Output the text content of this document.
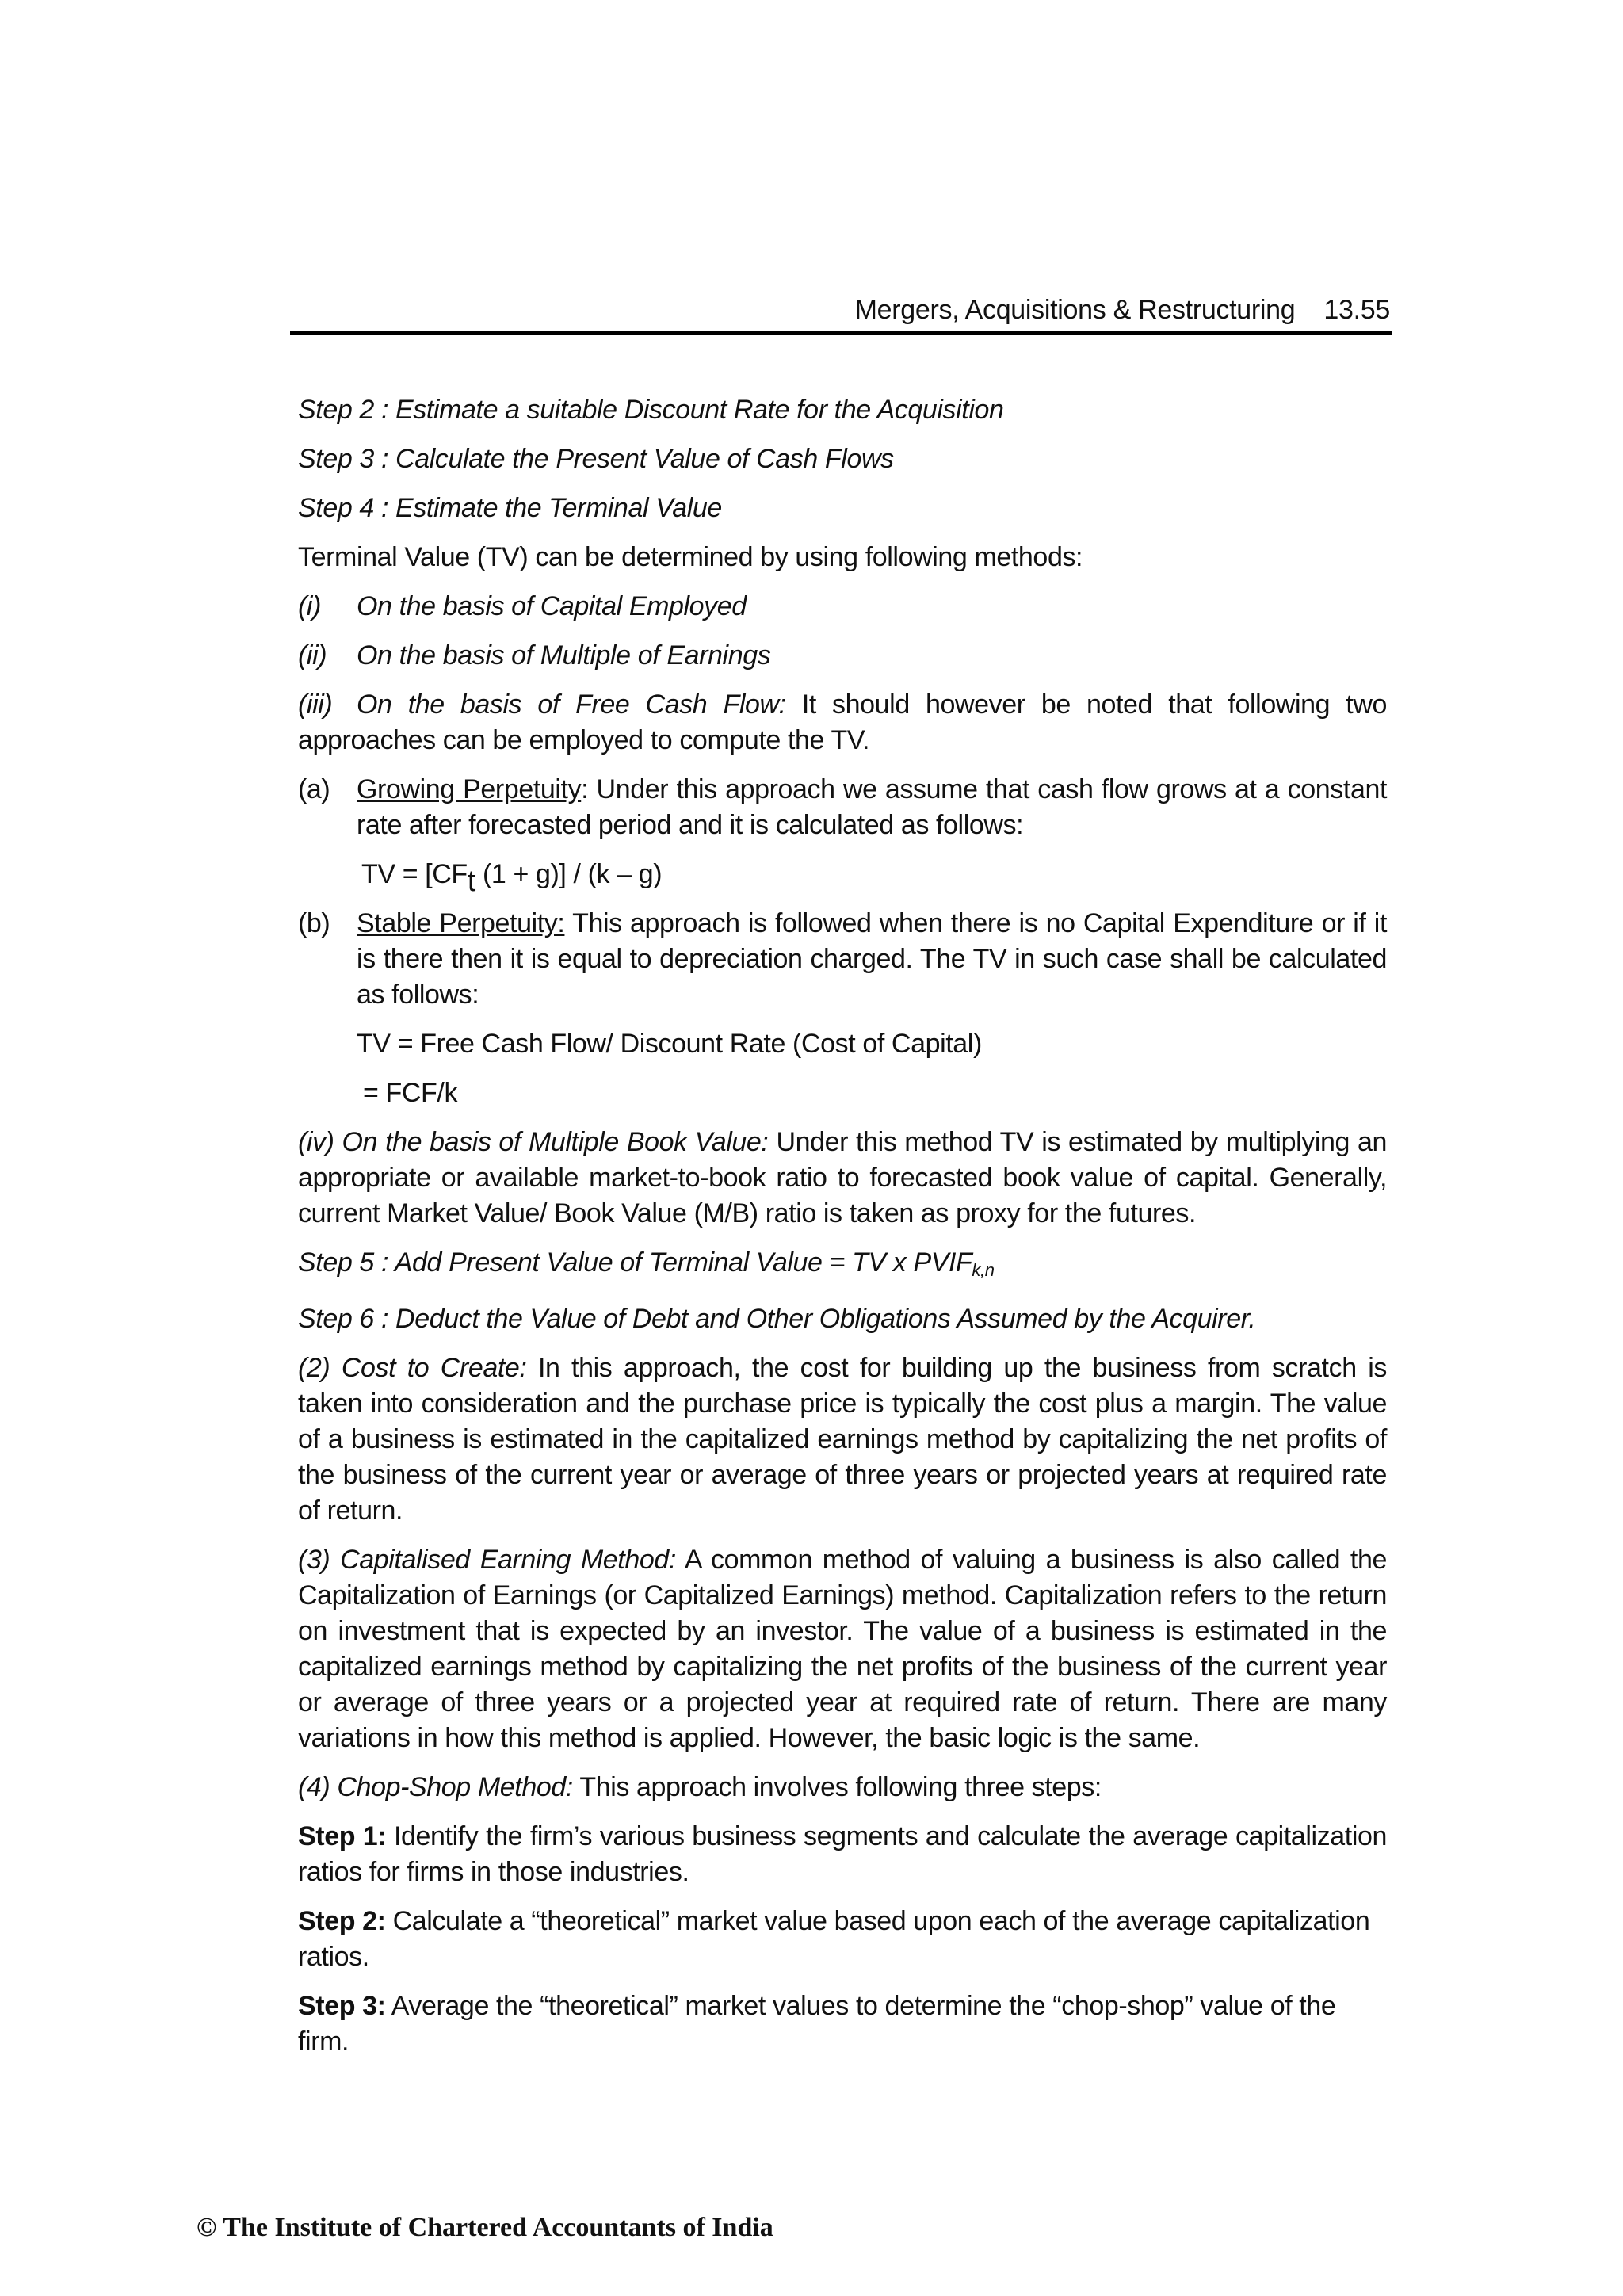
Mergers, Acquisitions & Restructuring 13.55

Step 2 : Estimate a suitable Discount Rate for the Acquisition

Step 3 : Calculate the Present Value of Cash Flows

Step 4 : Estimate the Terminal Value

Terminal Value (TV) can be determined by using following methods:

(i) On the basis of Capital Employed

(ii) On the basis of Multiple of Earnings

(iii) On the basis of Free Cash Flow: It should however be noted that following two approaches can be employed to compute the TV.

(a) Growing Perpetuity: Under this approach we assume that cash flow grows at a constant rate after forecasted period and it is calculated as follows:

TV = [CFt (1 + g)] / (k – g)

(b) Stable Perpetuity: This approach is followed when there is no Capital Expenditure or if it is there then it is equal to depreciation charged. The TV in such case shall be calculated as follows:

TV = Free Cash Flow/ Discount Rate (Cost of Capital)

= FCF/k

(iv) On the basis of Multiple Book Value: Under this method TV is estimated by multiplying an appropriate or available market-to-book ratio to forecasted book value of capital. Generally, current Market Value/ Book Value (M/B) ratio is taken as proxy for the futures.

Step 5 : Add Present Value of Terminal Value = TV x $PVIF_{k,n}$

Step 6 : Deduct the Value of Debt and Other Obligations Assumed by the Acquirer.

(2) Cost to Create: In this approach, the cost for building up the business from scratch is taken into consideration and the purchase price is typically the cost plus a margin. The value of a business is estimated in the capitalized earnings method by capitalizing the net profits of the business of the current year or average of three years or projected years at required rate of return.

(3) Capitalised Earning Method: A common method of valuing a business is also called the Capitalization of Earnings (or Capitalized Earnings) method. Capitalization refers to the return on investment that is expected by an investor. The value of a business is estimated in the capitalized earnings method by capitalizing the net profits of the business of the current year or average of three years or a projected year at required rate of return. There are many variations in how this method is applied. However, the basic logic is the same.

(4) Chop-Shop Method: This approach involves following three steps:

Step 1: Identify the firm’s various business segments and calculate the average capitalization ratios for firms in those industries.

Step 2: Calculate a “theoretical” market value based upon each of the average capitalization ratios.

Step 3: Average the “theoretical” market values to determine the “chop-shop” value of the firm.

© The Institute of Chartered Accountants of India
